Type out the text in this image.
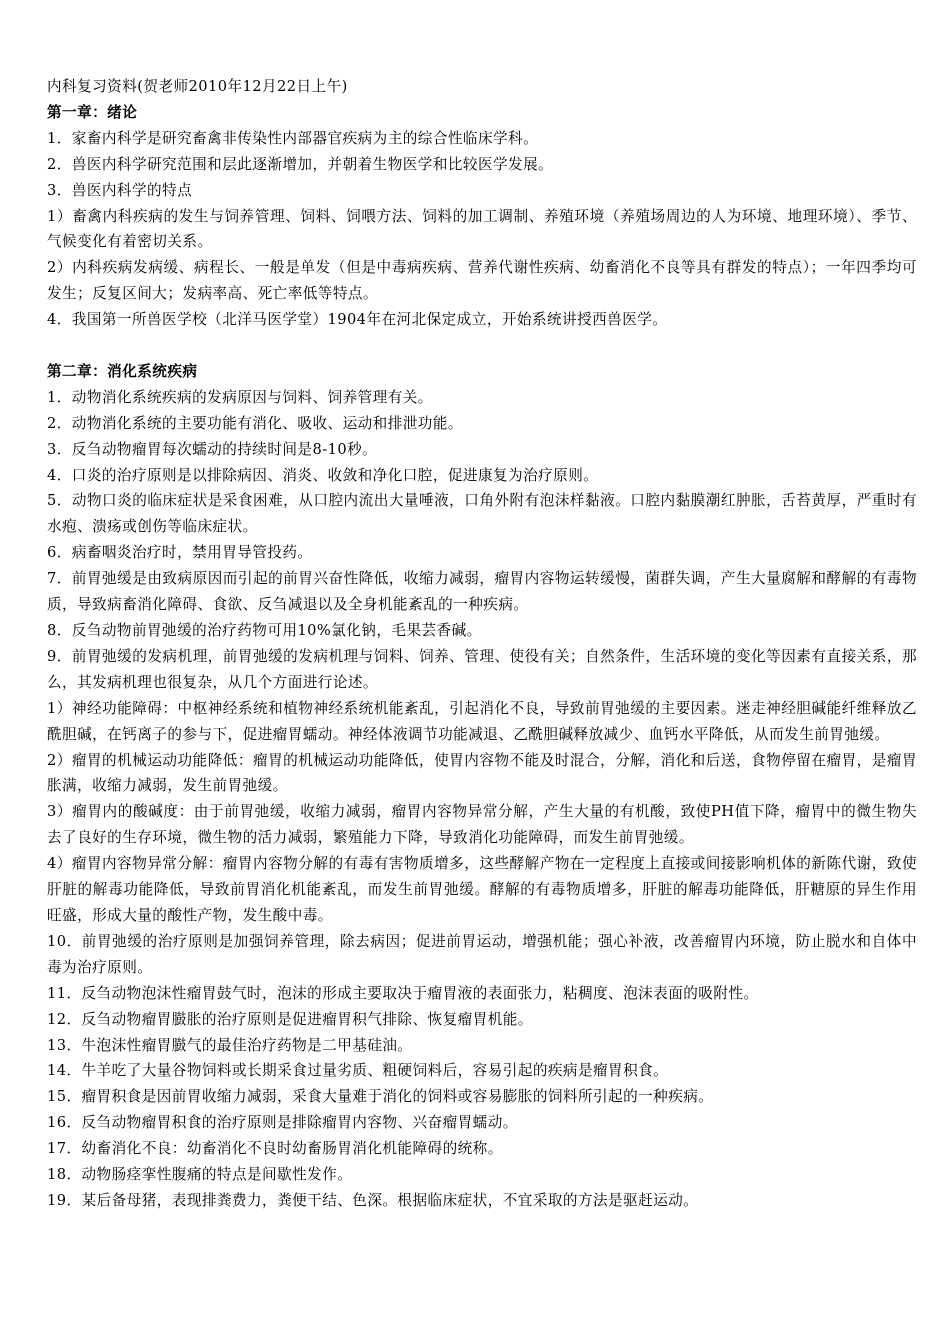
内科复习资料(贺老师2010年12月22日上午)

第一章：绪论

1．家畜内科学是研究畜禽非传染性内部器官疾病为主的综合性临床学科。

2．兽医内科学研究范围和层此逐渐增加，并朝着生物医学和比较医学发展。

3．兽医内科学的特点

1）畜禽内科疾病的发生与饲养管理、饲料、饲喂方法、饲料的加工调制、养殖环境（养殖场周边的人为环境、地理环境）、季节、气候变化有着密切关系。

2）内科疾病发病缓、病程长、一般是单发（但是中毒病疾病、营养代谢性疾病、幼畜消化不良等具有群发的特点）；一年四季均可发生；反复区间大；发病率高、死亡率低等特点。

4．我国第一所兽医学校（北洋马医学堂）1904年在河北保定成立，开始系统讲授西兽医学。

第二章：消化系统疾病

1．动物消化系统疾病的发病原因与饲料、饲养管理有关。

2．动物消化系统的主要功能有消化、吸收、运动和排泄功能。

3．反刍动物瘤胃每次蠕动的持续时间是8-10秒。

4．口炎的治疗原则是以排除病因、消炎、收敛和净化口腔，促进康复为治疗原则。

5．动物口炎的临床症状是采食困难，从口腔内流出大量唾液，口角外附有泡沫样黏液。口腔内黏膜潮红肿胀，舌苔黄厚，严重时有水疱、溃疡或创伤等临床症状。

6．病畜咽炎治疗时，禁用胃导管投药。

7．前胃弛缓是由致病原因而引起的前胃兴奋性降低，收缩力减弱，瘤胃内容物运转缓慢，菌群失调，产生大量腐解和酵解的有毒物质，导致病畜消化障碍、食欲、反刍减退以及全身机能紊乱的一种疾病。

8．反刍动物前胃弛缓的治疗药物可用10%氯化钠，毛果芸香碱。

9．前胃弛缓的发病机理，前胃弛缓的发病机理与饲料、饲养、管理、使役有关；自然条件，生活环境的变化等因素有直接关系，那么，其发病机理也很复杂，从几个方面进行论述。

1）神经功能障碍：中枢神经系统和植物神经系统机能紊乱，引起消化不良，导致前胃弛缓的主要因素。迷走神经胆碱能纤维释放乙酰胆碱，在钙离子的参与下，促进瘤胃蠕动。神经体液调节功能减退、乙酰胆碱释放减少、血钙水平降低，从而发生前胃弛缓。

2）瘤胃的机械运动功能降低：瘤胃的机械运动功能降低，使胃内容物不能及时混合，分解，消化和后送，食物停留在瘤胃，是瘤胃胀满，收缩力减弱，发生前胃弛缓。

3）瘤胃内的酸碱度：由于前胃弛缓，收缩力减弱，瘤胃内容物异常分解，产生大量的有机酸，致使PH值下降，瘤胃中的微生物失去了良好的生存环境，微生物的活力减弱，繁殖能力下降，导致消化功能障碍，而发生前胃弛缓。

4）瘤胃内容物异常分解：瘤胃内容物分解的有毒有害物质增多，这些酵解产物在一定程度上直接或间接影响机体的新陈代谢，致使肝脏的解毒功能降低，导致前胃消化机能紊乱，而发生前胃弛缓。酵解的有毒物质增多，肝脏的解毒功能降低，肝糖原的异生作用旺盛，形成大量的酸性产物，发生酸中毒。

10．前胃弛缓的治疗原则是加强饲养管理，除去病因；促进前胃运动，增强机能；强心补液，改善瘤胃内环境，防止脱水和自体中毒为治疗原则。

11．反刍动物泡沫性瘤胃鼓气时，泡沫的形成主要取决于瘤胃液的表面张力，粘稠度、泡沫表面的吸附性。

12．反刍动物瘤胃臌胀的治疗原则是促进瘤胃积气排除、恢复瘤胃机能。

13．牛泡沫性瘤胃臌气的最佳治疗药物是二甲基硅油。

14．牛羊吃了大量谷物饲料或长期采食过量劣质、粗硬饲料后，容易引起的疾病是瘤胃积食。

15．瘤胃积食是因前胃收缩力减弱，采食大量难于消化的饲料或容易膨胀的饲料所引起的一种疾病。

16．反刍动物瘤胃积食的治疗原则是排除瘤胃内容物、兴奋瘤胃蠕动。

17．幼畜消化不良：幼畜消化不良时幼畜肠胃消化机能障碍的统称。

18．动物肠痉挛性腹痛的特点是间歇性发作。

19．某后备母猪，表现排粪费力，粪便干结、色深。根据临床症状，不宜采取的方法是驱赶运动。
